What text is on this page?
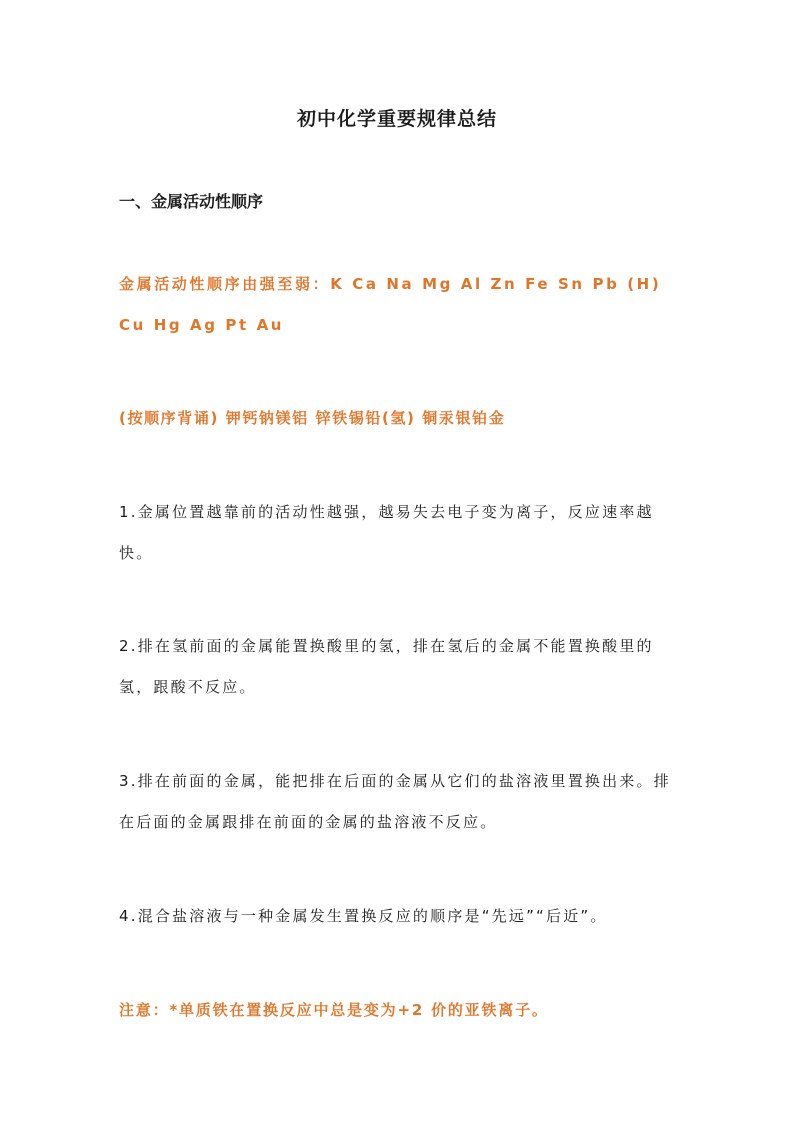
初中化学重要规律总结
一、金属活动性顺序

金属活动性顺序由强至弱：K Ca Na Mg Al Zn Fe Sn Pb (H) Cu Hg Ag Pt Au

(按顺序背诵) 钾钙钠镁铝 锌铁锡铅(氢) 铜汞银铂金

1.金属位置越靠前的活动性越强，越易失去电子变为离子，反应速率越快。

2.排在氢前面的金属能置换酸里的氢，排在氢后的金属不能置换酸里的氢，跟酸不反应。

3.排在前面的金属，能把排在后面的金属从它们的盐溶液里置换出来。排在后面的金属跟排在前面的金属的盐溶液不反应。

4.混合盐溶液与一种金属发生置换反应的顺序是“先远”“后近”。

注意：*单质铁在置换反应中总是变为+2 价的亚铁离子。
